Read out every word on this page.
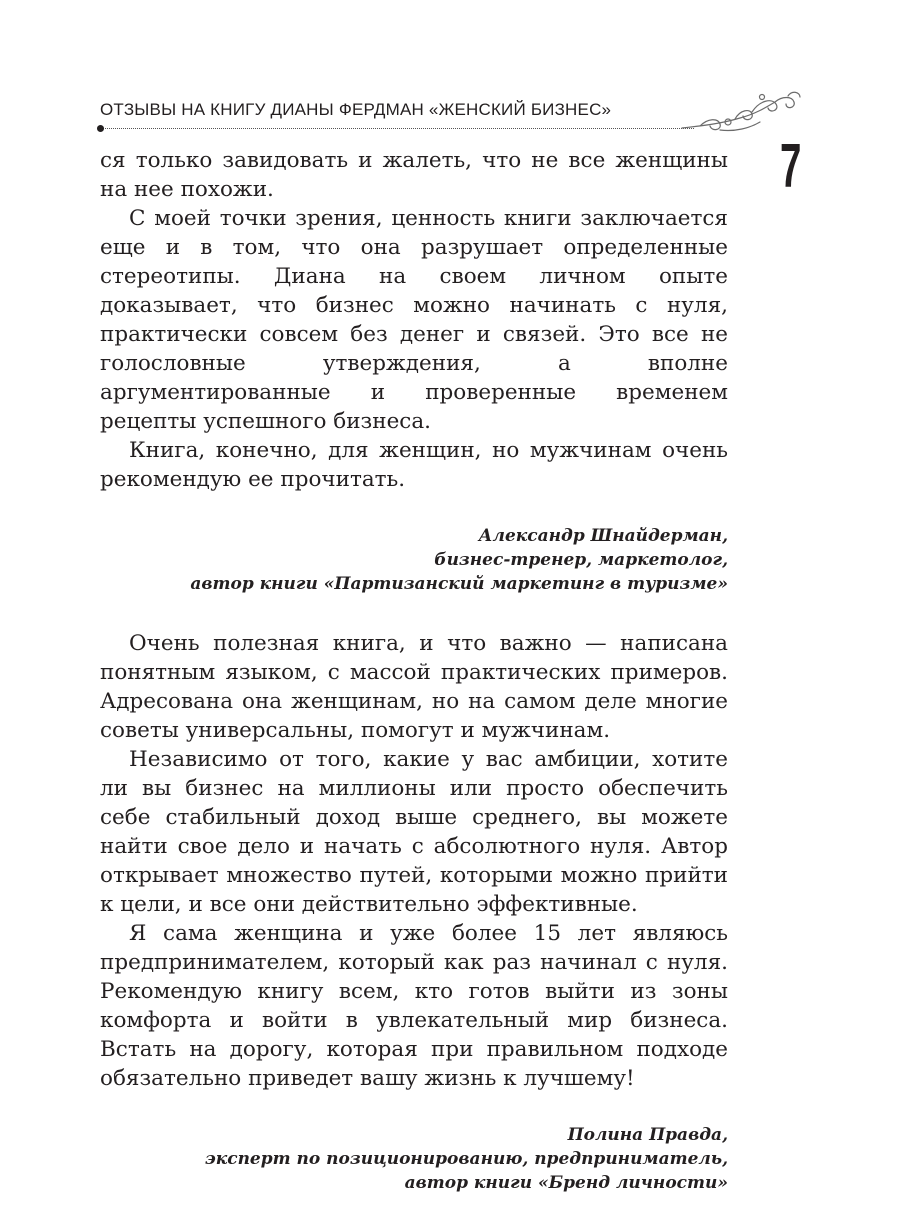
ОТЗЫВЫ НА КНИГУ ДИАНЫ ФЕРДМАН «ЖЕНСКИЙ БИЗНЕС»
7

ся только завидовать и жалеть, что не все женщины на нее похожи.

С моей точки зрения, ценность книги заключается еще и в том, что она разрушает определенные стереотипы. Диана на своем личном опыте доказывает, что бизнес можно начинать с нуля, практически совсем без денег и связей. Это все не голословные утверждения, а вполне аргументированные и проверенные временем рецепты успешного бизнеса.

Книга, конечно, для женщин, но мужчинам очень рекомендую ее прочитать.

Александр Шнайдерман,
бизнес-тренер, маркетолог,
автор книги «Партизанский маркетинг в туризме»

Очень полезная книга, и что важно — написана понятным языком, с массой практических примеров. Адресована она женщинам, но на самом деле многие советы универсальны, помогут и мужчинам.

Независимо от того, какие у вас амбиции, хотите ли вы бизнес на миллионы или просто обеспечить себе стабильный доход выше среднего, вы можете найти свое дело и начать с абсолютного нуля. Автор открывает множество путей, которыми можно прийти к цели, и все они действительно эффективные.

Я сама женщина и уже более 15 лет являюсь предпринимателем, который как раз начинал с нуля. Рекомендую книгу всем, кто готов выйти из зоны комфорта и войти в увлекательный мир бизнеса. Встать на дорогу, которая при правильном подходе обязательно приведет вашу жизнь к лучшему!

Полина Правда,
эксперт по позиционированию, предприниматель,
автор книги «Бренд личности»
